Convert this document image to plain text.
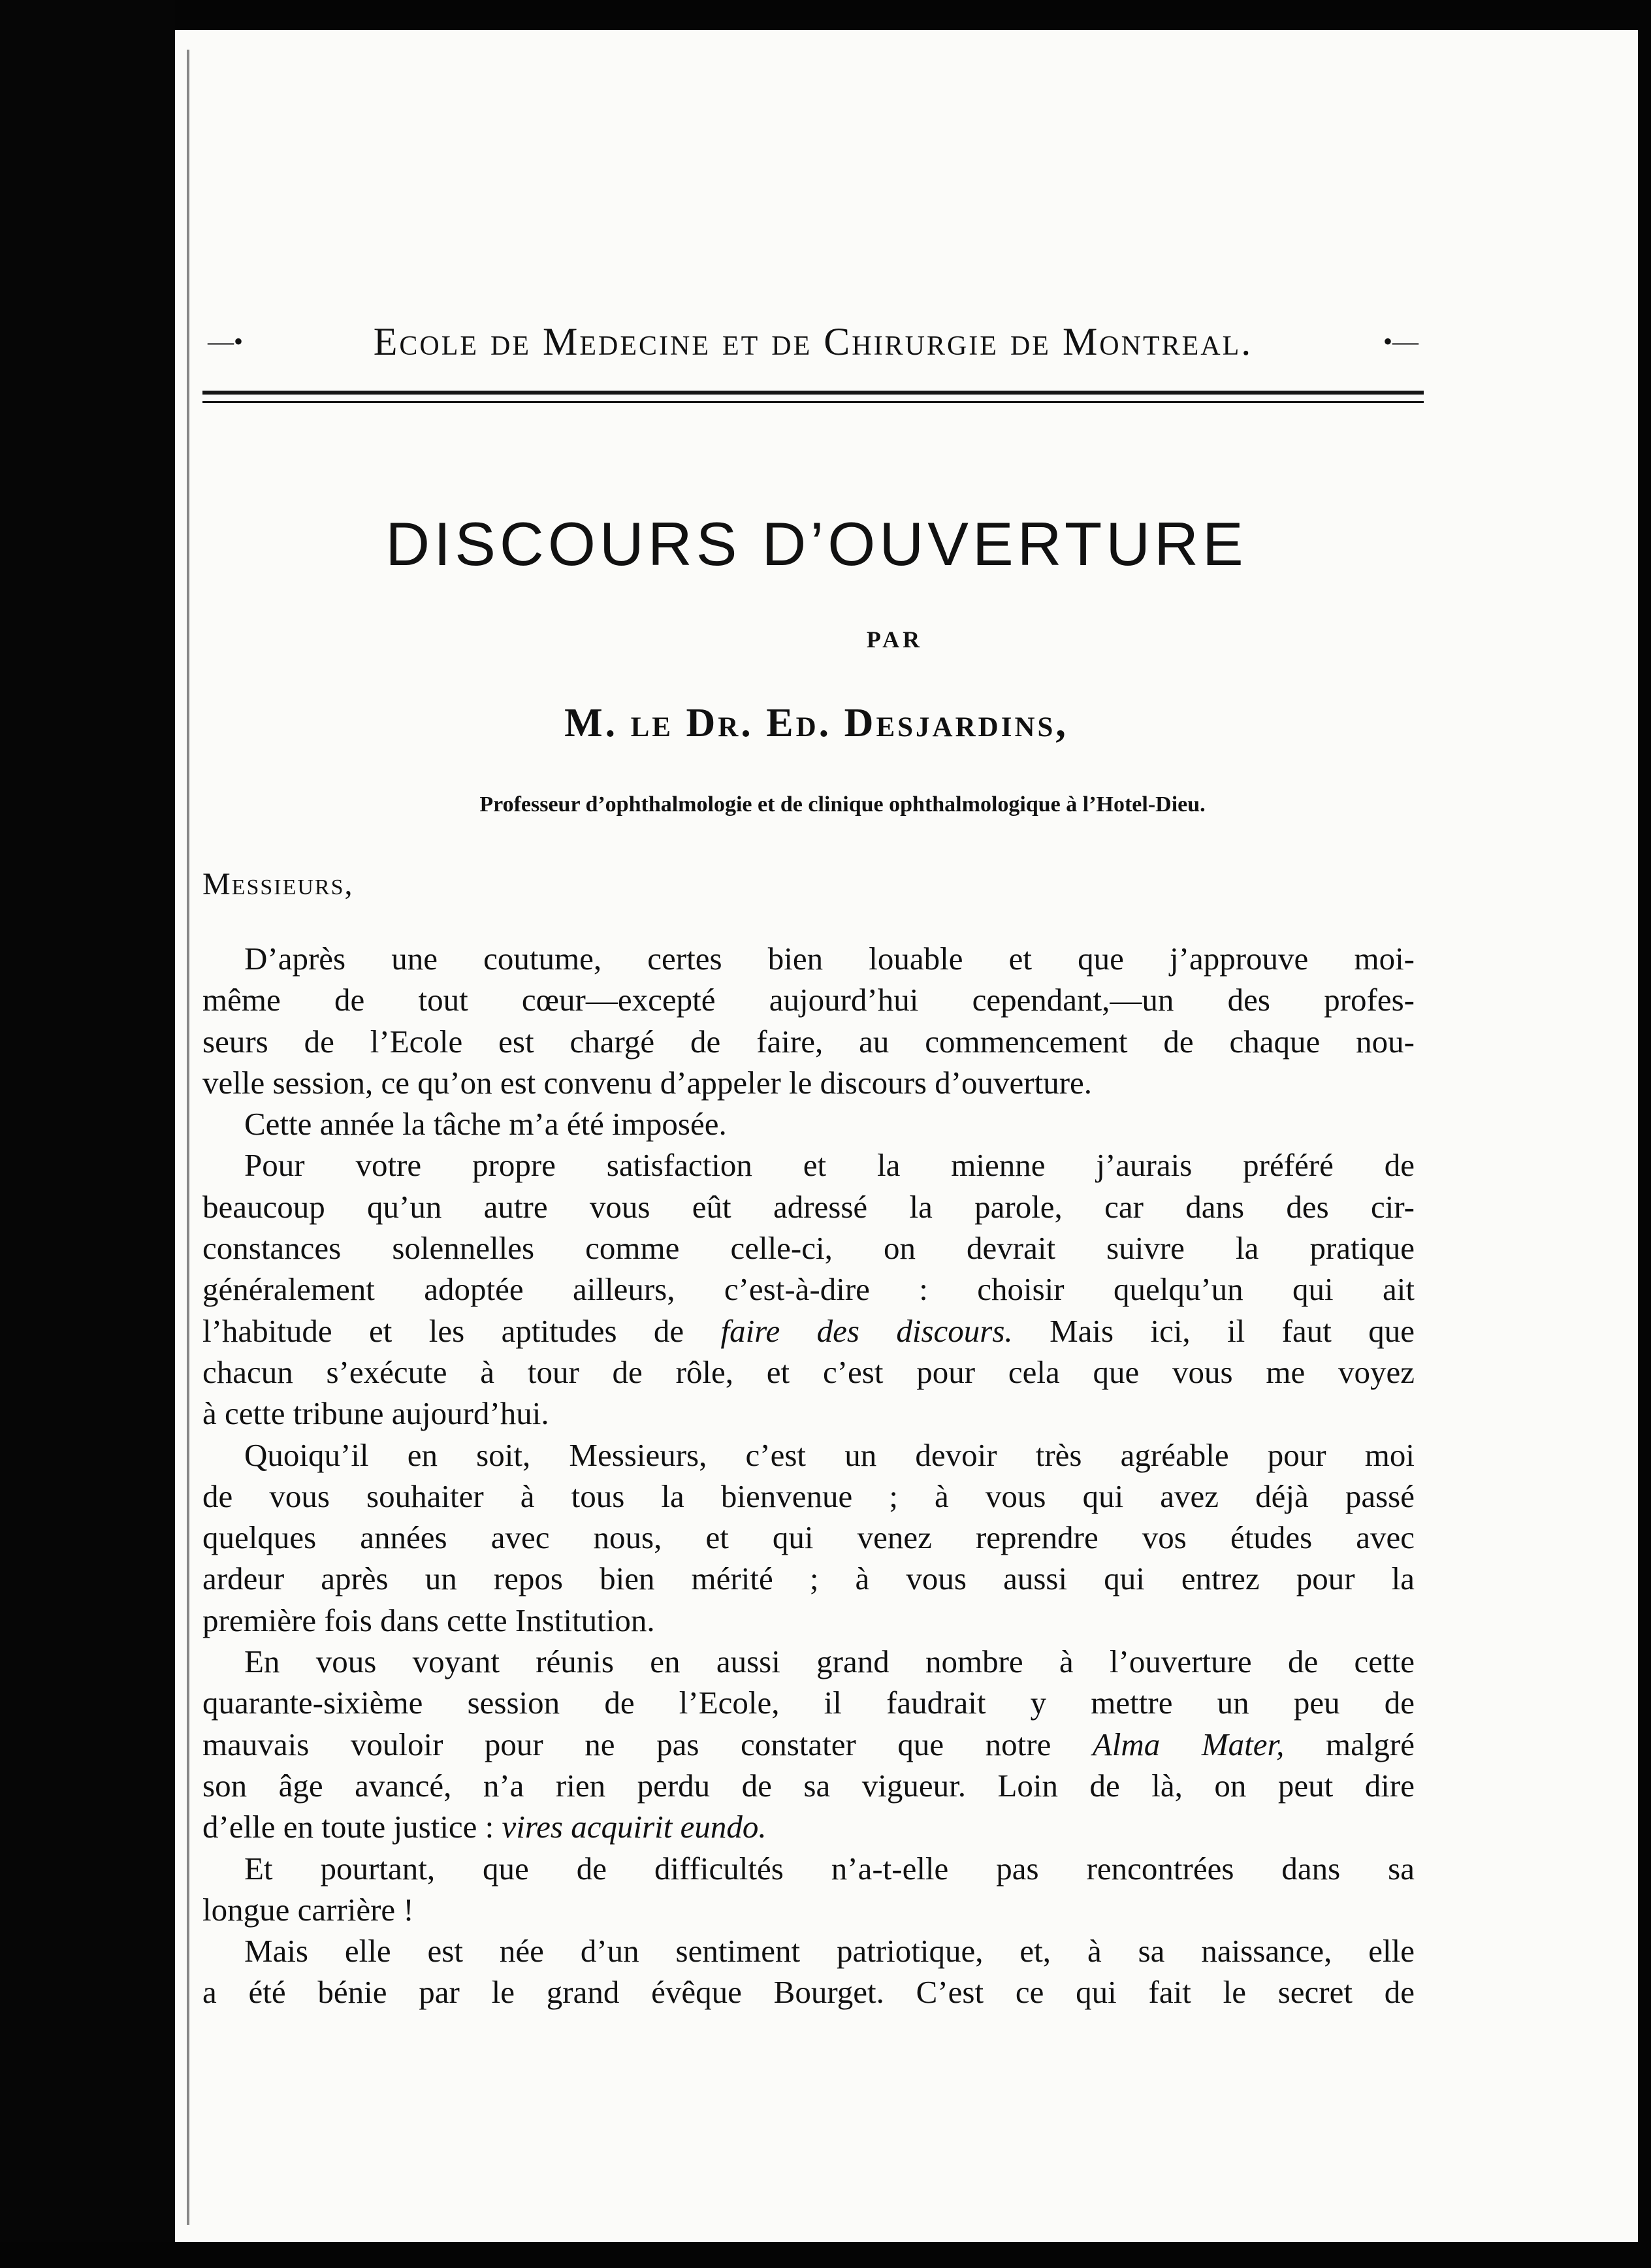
—•	Ecole de Medecine et de Chirurgie de Montreal.	•—
DISCOURS D’OUVERTURE
PAR
M. le Dr. Ed. Desjardins,
Professeur d’ophthalmologie et de clinique ophthalmologique à l’Hotel-Dieu.
Messieurs,
D’après une coutume, certes bien louable et que j’approuve moi-
même de tout cœur—excepté aujourd’hui cependant,—un des profes-
seurs de l’Ecole est chargé de faire, au commencement de chaque nou-
velle session, ce qu’on est convenu d’appeler le discours d’ouverture.
Cette année la tâche m’a été imposée.
Pour votre propre satisfaction et la mienne j’aurais préféré de
beaucoup qu’un autre vous eût adressé la parole, car dans des cir-
constances solennelles comme celle-ci, on devrait suivre la pratique
généralement adoptée ailleurs, c’est-à-dire : choisir quelqu’un qui ait
l’habitude et les aptitudes de faire des discours. Mais ici, il faut que
chacun s’exécute à tour de rôle, et c’est pour cela que vous me voyez
à cette tribune aujourd’hui.
Quoiqu’il en soit, Messieurs, c’est un devoir très agréable pour moi
de vous souhaiter à tous la bienvenue ; à vous qui avez déjà passé
quelques années avec nous, et qui venez reprendre vos études avec
ardeur après un repos bien mérité ; à vous aussi qui entrez pour la
première fois dans cette Institution.
En vous voyant réunis en aussi grand nombre à l’ouverture de cette
quarante-sixième session de l’Ecole, il faudrait y mettre un peu de
mauvais vouloir pour ne pas constater que notre Alma Mater, malgré
son âge avancé, n’a rien perdu de sa vigueur. Loin de là, on peut dire
d’elle en toute justice : vires acquirit eundo.
Et pourtant, que de difficultés n’a-t-elle pas rencontrées dans sa
longue carrière !
Mais elle est née d’un sentiment patriotique, et, à sa naissance, elle
a été bénie par le grand évêque Bourget. C’est ce qui fait le secret de
